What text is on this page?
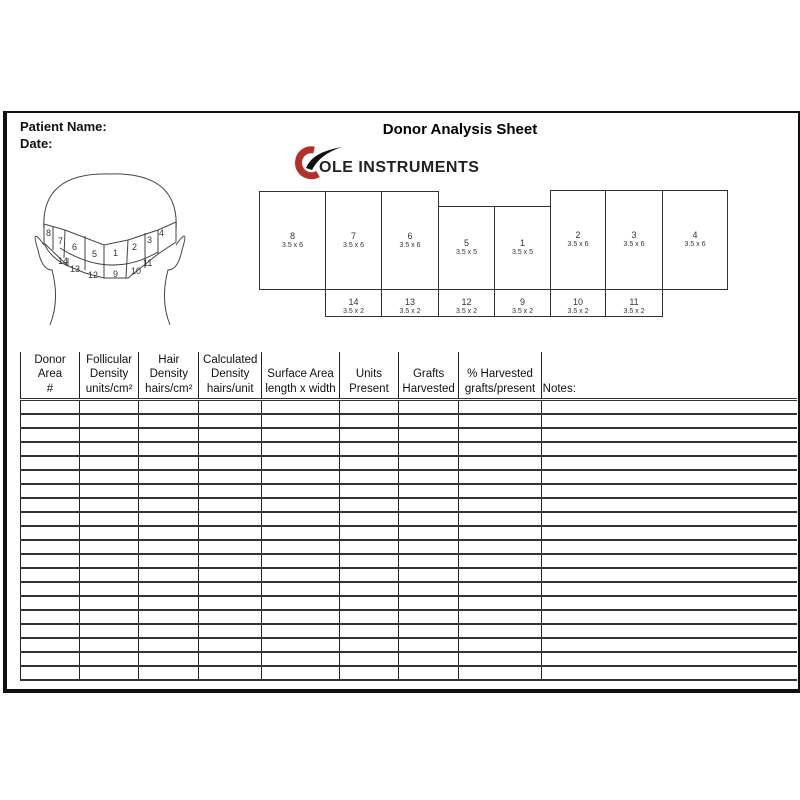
Patient Name:
Date:
Donor Analysis Sheet
OLE INSTRUMENTS
8
7
6
5 1
2
3
4
14
13
12 9 10
11
8
3.5 x 6
7
3.5 x 6
6
3.5 x 6	5
3.5 x 5
1
3.5 x 5
2
3.5 x 6
3
3.5 x 6
4
3.5 x 6
14
3.5 x 2
13
3.5 x 2
12
3.5 x 2
9
3.5 x 2
10
3.5 x 2
11
3.5 x 2
Donor
Area
#	Follicular
Density
units/cm²	Hair
Density
hairs/cm²	Calculated
Density
hairs/unit	Surface Area
length x width	Units
Present	Grafts
Harvested	% Harvested
grafts/present	Notes:
